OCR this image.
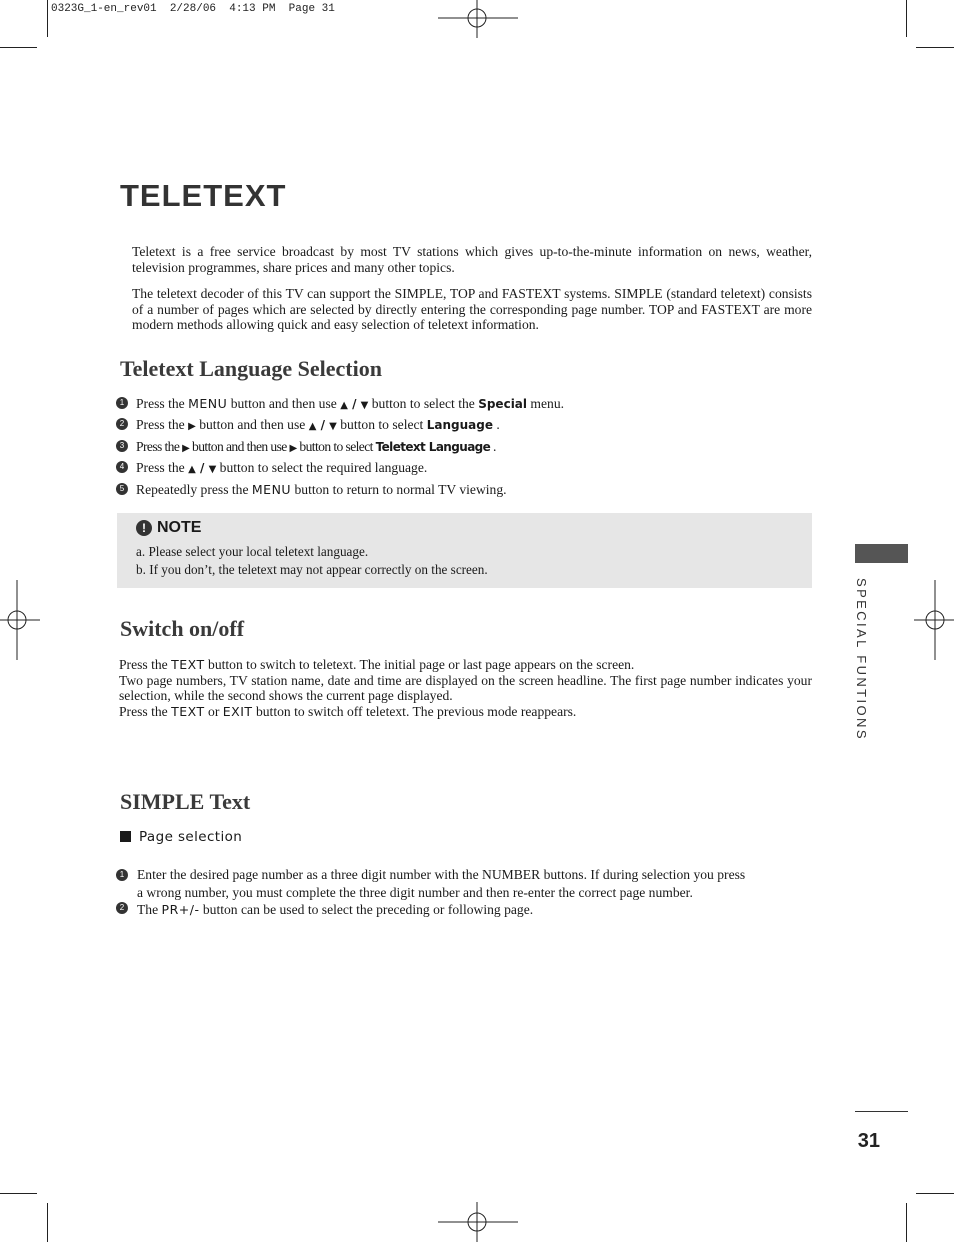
0323G_1-en_rev01  2/28/06  4:13 PM  Page 31
TELETEXT
Teletext is a free service broadcast by most TV stations which gives up-to-the-minute information on news, weather, television programmes, share prices and many other topics.
The teletext decoder of this TV can support the SIMPLE, TOP and FASTEXT systems. SIMPLE (standard teletext) consists of a number of pages which are selected by directly entering the corresponding page number. TOP and FASTEXT are more modern methods allowing quick and easy selection of teletext information.
Teletext Language Selection
1 Press the MENU button and then use ▲ / ▼ button to select the Special menu.
2 Press the ▶ button and then use ▲ / ▼ button to select Language .
3 Press the ▶ button and then use ▶ button to select Teletext Language .
4 Press the ▲ / ▼ button to select the required language.
5 Repeatedly press the MENU button to return to normal TV viewing.
! NOTE
a. Please select your local teletext language.
b. If you don’t, the teletext may not appear correctly on the screen.
Switch on/off
Press the TEXT button to switch to teletext. The initial page or last page appears on the screen.
Two page numbers, TV station name, date and time are displayed on the screen headline. The first page number indicates your selection, while the second shows the current page displayed.
Press the TEXT or EXIT button to switch off teletext. The previous mode reappears.
SIMPLE Text
Page selection
1 Enter the desired page number as a three digit number with the NUMBER buttons. If during selection you press
a wrong number, you must complete the three digit number and then re-enter the correct page number.
2 The PR+/- button can be used to select the preceding or following page.
SPECIAL FUNTIONS
31
